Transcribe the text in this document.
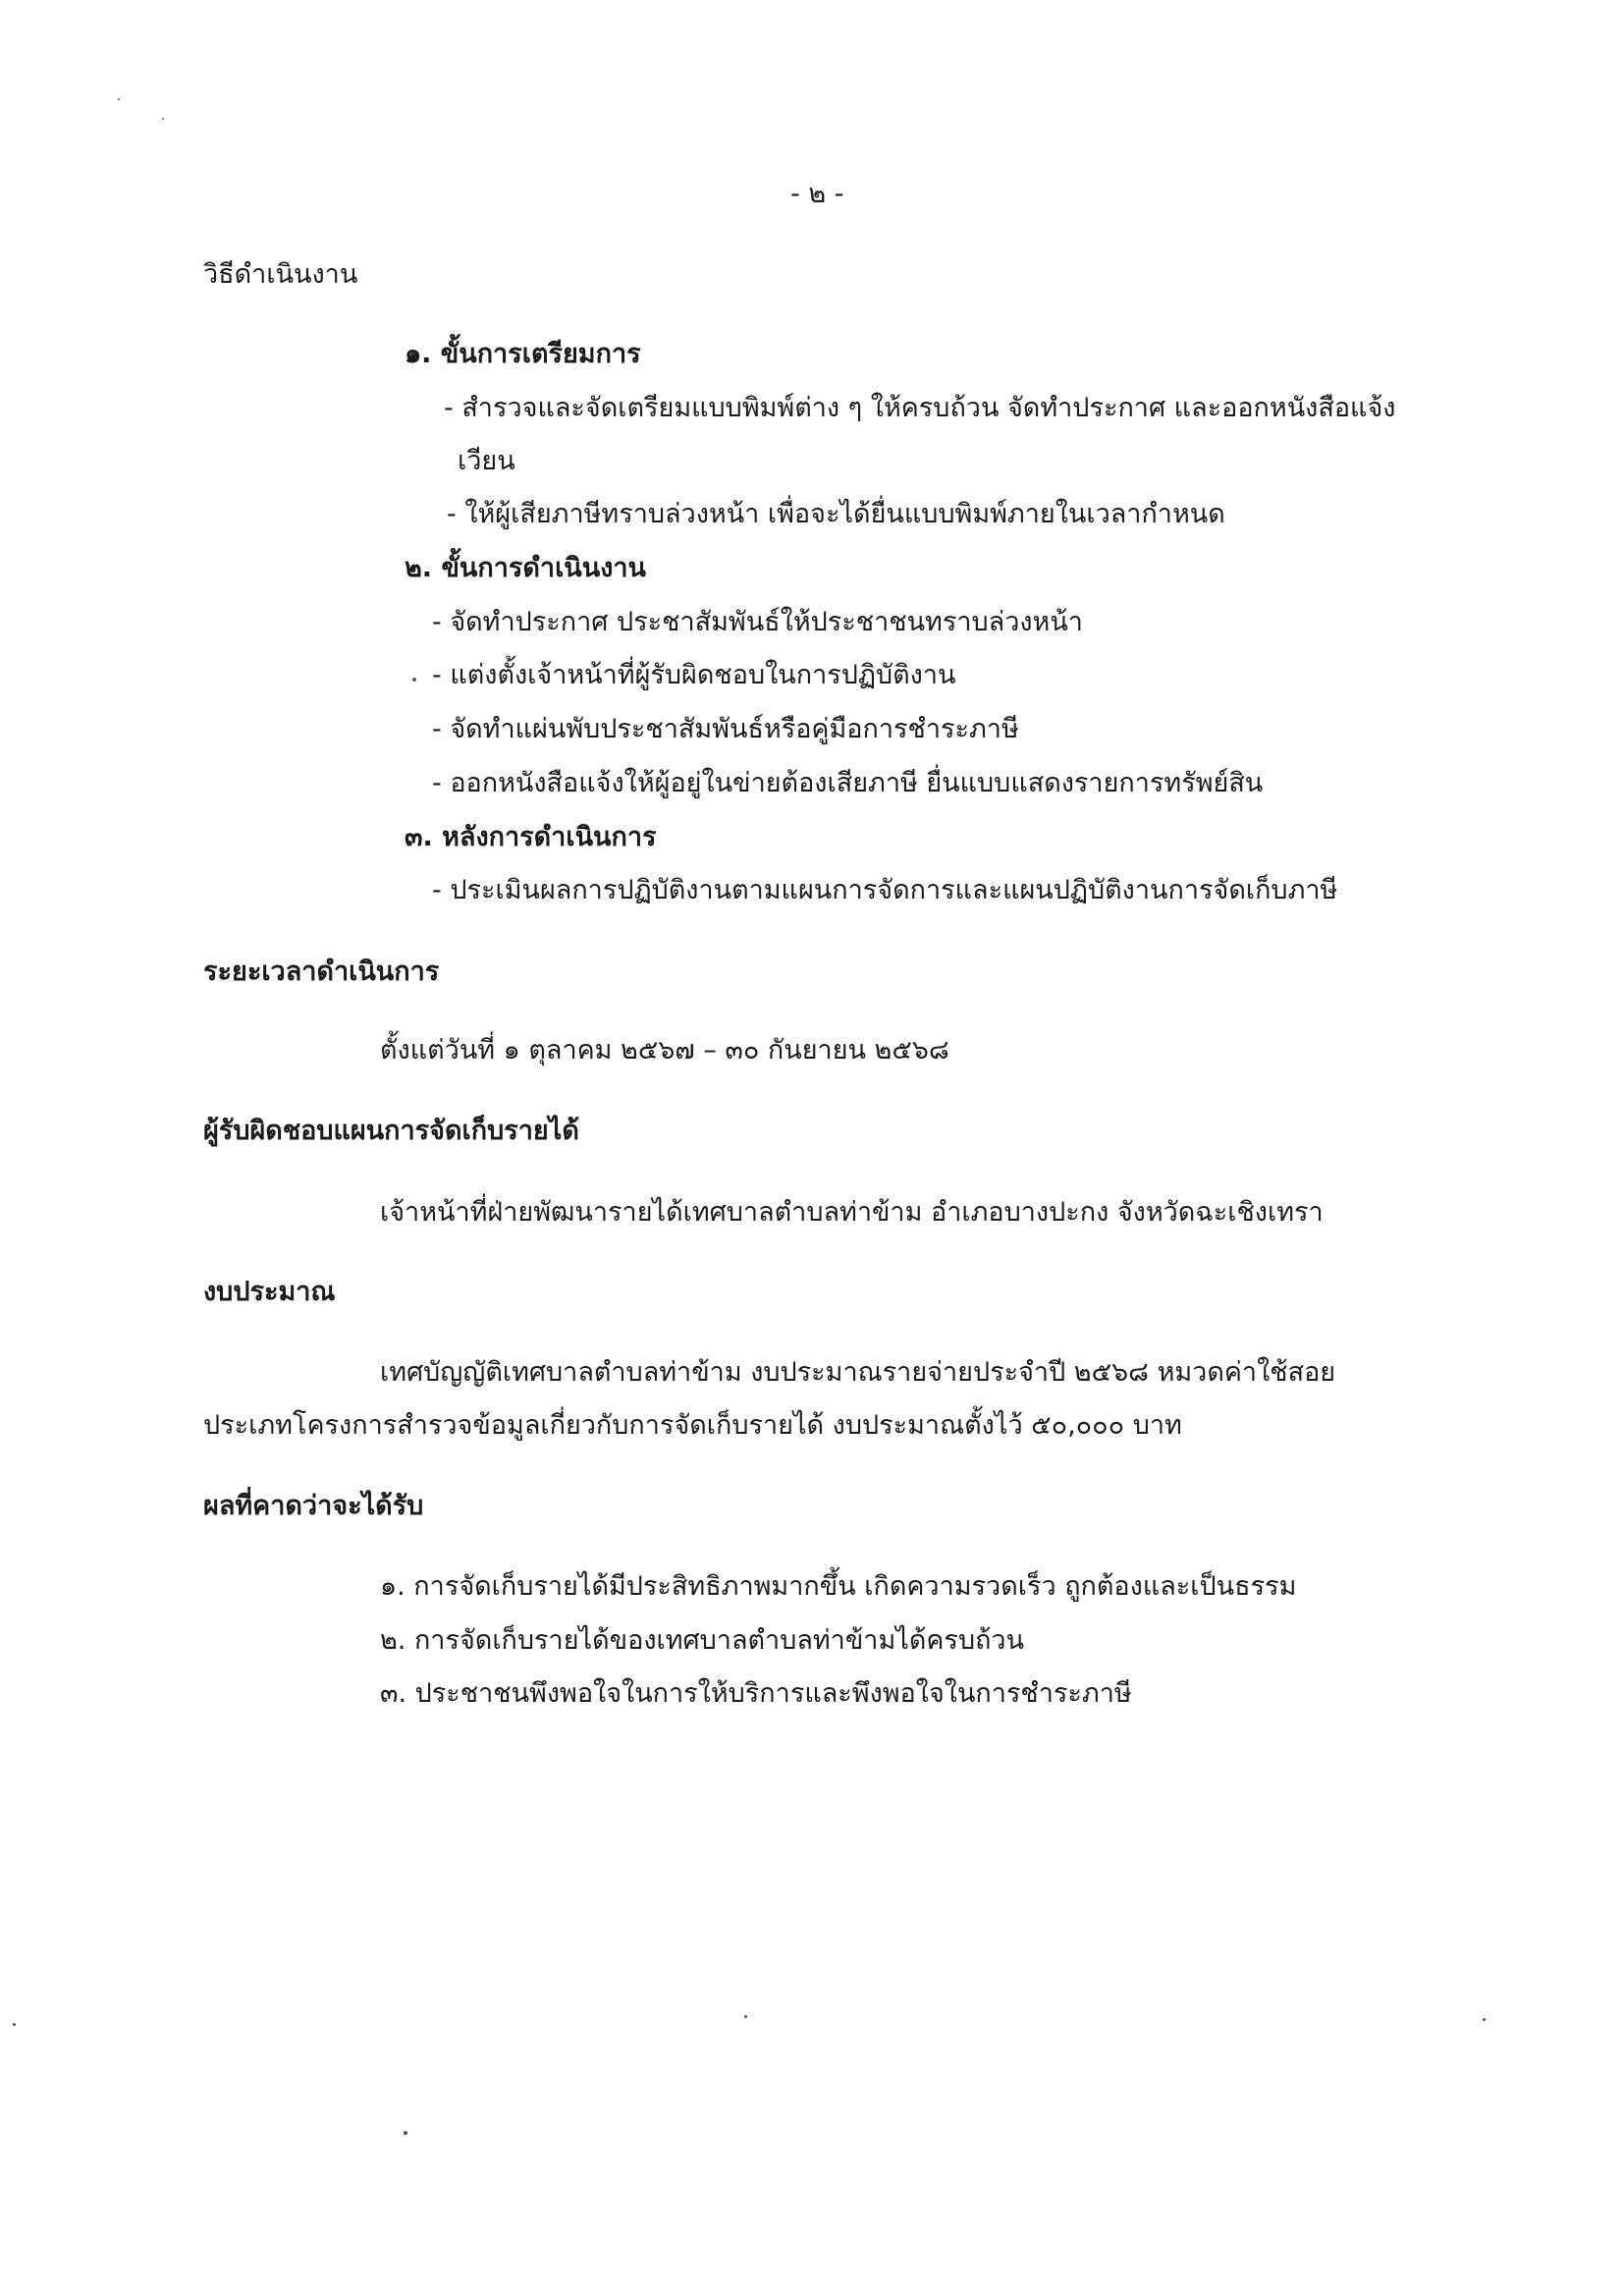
- ๒ -
วิธีดำเนินงาน
๑. ขั้นการเตรียมการ
- สำรวจและจัดเตรียมแบบพิมพ์ต่าง ๆ ให้ครบถ้วน จัดทำประกาศ และออกหนังสือแจ้ง
เวียน
- ให้ผู้เสียภาษีทราบล่วงหน้า เพื่อจะได้ยื่นแบบพิมพ์ภายในเวลากำหนด
๒. ขั้นการดำเนินงาน
- จัดทำประกาศ ประชาสัมพันธ์ให้ประชาชนทราบล่วงหน้า
- แต่งตั้งเจ้าหน้าที่ผู้รับผิดชอบในการปฏิบัติงาน
- จัดทำแผ่นพับประชาสัมพันธ์หรือคู่มือการชำระภาษี
- ออกหนังสือแจ้งให้ผู้อยู่ในข่ายต้องเสียภาษี ยื่นแบบแสดงรายการทรัพย์สิน
๓. หลังการดำเนินการ
- ประเมินผลการปฏิบัติงานตามแผนการจัดการและแผนปฏิบัติงานการจัดเก็บภาษี
ระยะเวลาดำเนินการ
ตั้งแต่วันที่ ๑ ตุลาคม ๒๕๖๗ – ๓๐ กันยายน ๒๕๖๘
ผู้รับผิดชอบแผนการจัดเก็บรายได้
เจ้าหน้าที่ฝ่ายพัฒนารายได้เทศบาลตำบลท่าข้าม อำเภอบางปะกง จังหวัดฉะเชิงเทรา
งบประมาณ
เทศบัญญัติเทศบาลตำบลท่าข้าม งบประมาณรายจ่ายประจำปี ๒๕๖๘ หมวดค่าใช้สอย
ประเภทโครงการสำรวจข้อมูลเกี่ยวกับการจัดเก็บรายได้ งบประมาณตั้งไว้ ๕๐,๐๐๐ บาท
ผลที่คาดว่าจะได้รับ
๑. การจัดเก็บรายได้มีประสิทธิภาพมากขึ้น เกิดความรวดเร็ว ถูกต้องและเป็นธรรม
๒. การจัดเก็บรายได้ของเทศบาลตำบลท่าข้ามได้ครบถ้วน
๓. ประชาชนพึงพอใจในการให้บริการและพึงพอใจในการชำระภาษี
